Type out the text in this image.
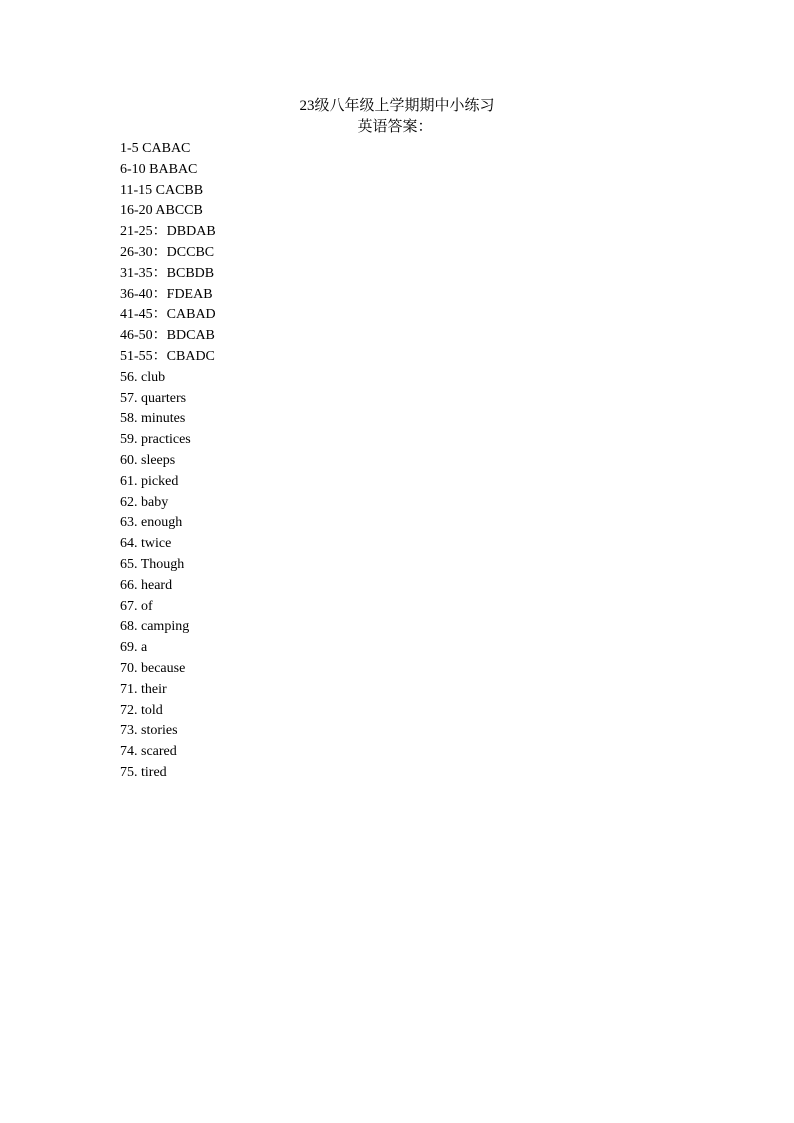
23级八年级上学期期中小练习
英语答案：
1-5 CABAC
6-10 BABAC
11-15 CACBB
16-20 ABCCB
21-25：DBDAB
26-30：DCCBC
31-35：BCBDB
36-40：FDEAB
41-45：CABAD
46-50：BDCAB
51-55：CBADC
56. club
57. quarters
58. minutes
59. practices
60. sleeps
61. picked
62. baby
63. enough
64. twice
65. Though
66. heard
67. of
68. camping
69. a
70. because
71. their
72. told
73. stories
74. scared
75. tired
